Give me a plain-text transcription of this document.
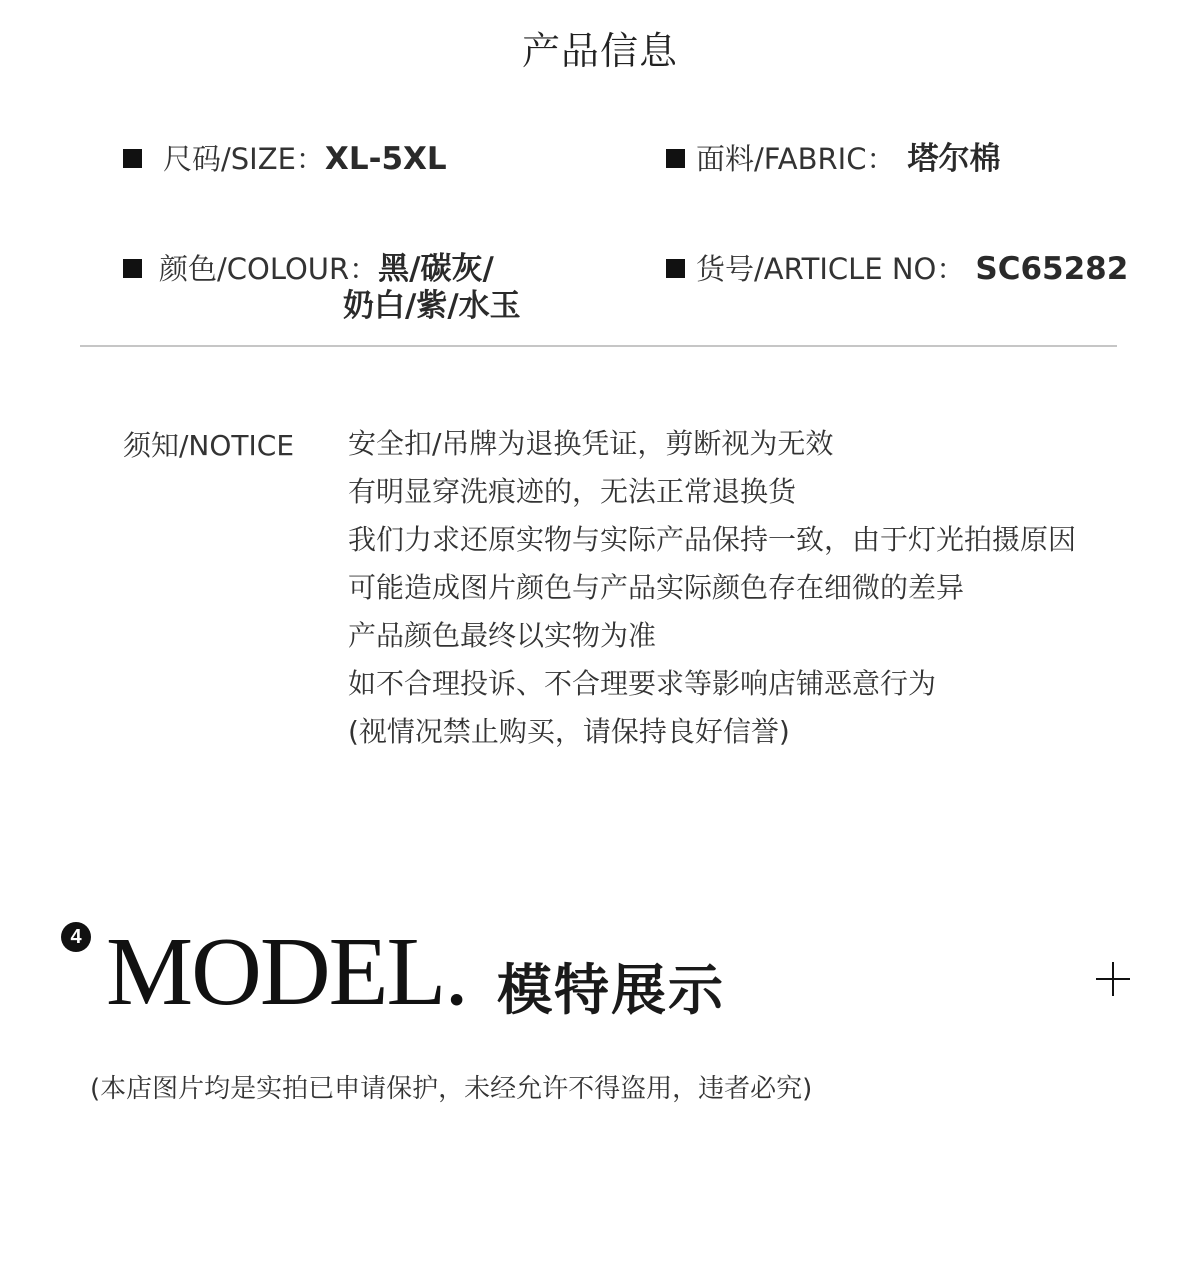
产品信息
尺码/SIZE： XL-5XL	面料/FABRIC： 塔尔棉
颜色/COLOUR： 黑/碳灰/
奶白/紫/水玉
货号/ARTICLE NO： SC65282
须知/NOTICE 安全扣/吊牌为退换凭证，剪断视为无效
有明显穿洗痕迹的，无法正常退换货
我们力求还原实物与实际产品保持一致，由于灯光拍摄原因
可能造成图片颜色与产品实际颜色存在细微的差异
产品颜色最终以实物为准
如不合理投诉、不合理要求等影响店铺恶意行为
(视情况禁止购买，请保持良好信誉)
4 MODEL. 模特展示
(本店图片均是实拍已申请保护，未经允许不得盗用，违者必究)
